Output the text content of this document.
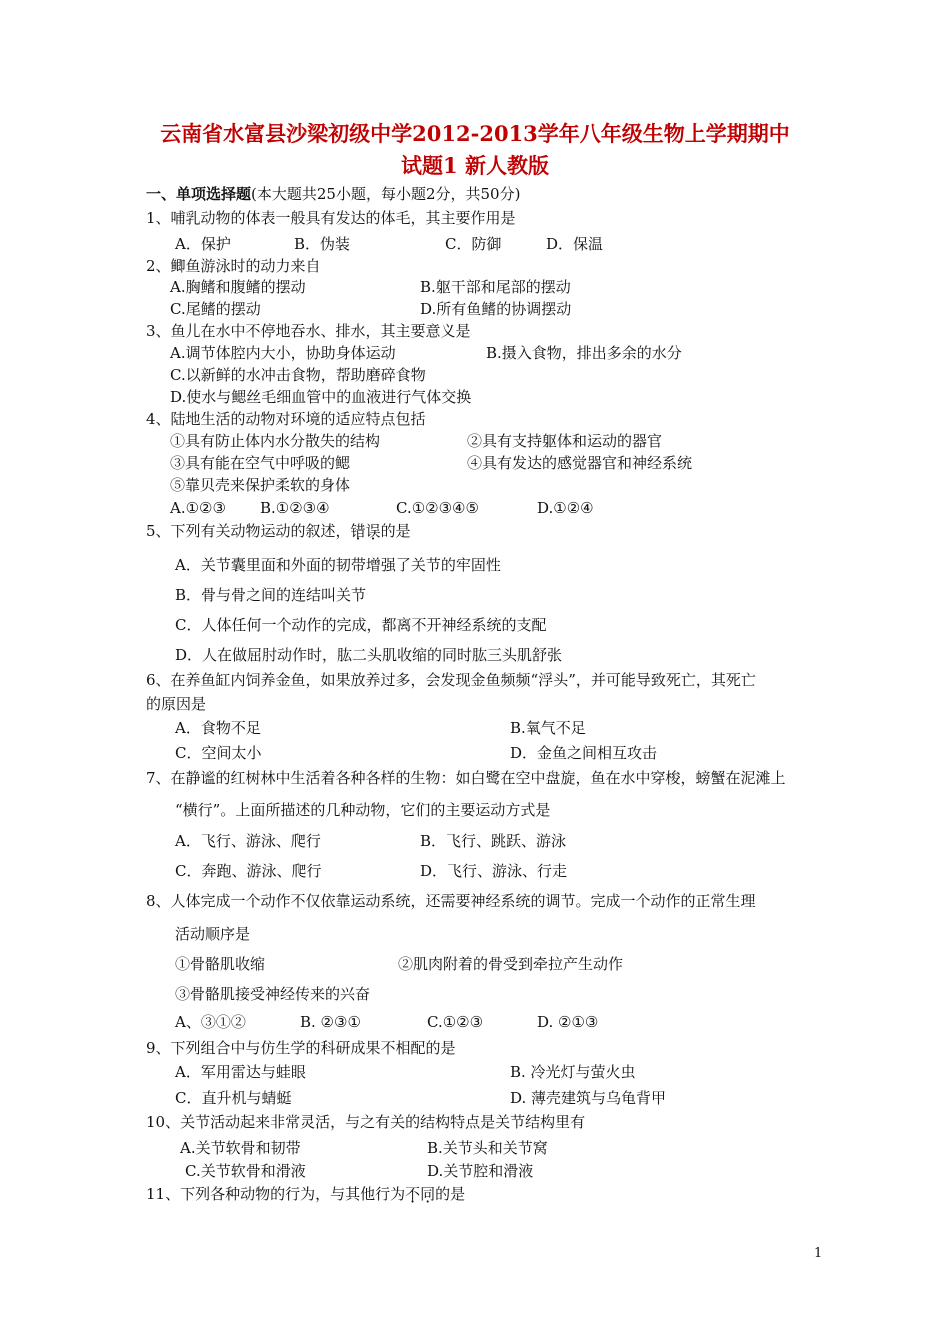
云南省水富县沙梁初级中学2012-2013学年八年级生物上学期期中
试题1 新人教版
一、单项选择题(本大题共25小题，每小题2分，共50分)
1、哺乳动物的体表一般具有发达的体毛，其主要作用是
A．保护	B．伪装	C．防御	D．保温
2、鲫鱼游泳时的动力来自
A.胸鳍和腹鳍的摆动	B.躯干部和尾部的摆动
C.尾鳍的摆动	D.所有鱼鳍的协调摆动
3、鱼儿在水中不停地吞水、排水，其主要意义是
A.调节体腔内大小，协助身体运动	B.摄入食物，排出多余的水分
C.以新鲜的水冲击食物，帮助磨碎食物
D.使水与鳃丝毛细血管中的血液进行气体交换
4、陆地生活的动物对环境的适应特点包括
①具有防止体内水分散失的结构	②具有支持躯体和运动的器官
③具有能在空气中呼吸的鳃	④具有发达的感觉器官和神经系统
⑤靠贝壳来保护柔软的身体
A.①②③ B.①②③④	C.①②③④⑤	D.①②④
5、下列有关动物运动的叙述，错误的是
A．关节囊里面和外面的韧带增强了关节的牢固性
B．骨与骨之间的连结叫关节
C．人体任何一个动作的完成，都离不开神经系统的支配
D．人在做屈肘动作时，肱二头肌收缩的同时肱三头肌舒张
6、在养鱼缸内饲养金鱼，如果放养过多，会发现金鱼频频“浮头”，并可能导致死亡，其死亡
的原因是
A．食物不足	B.氧气不足
C．空间太小	D．金鱼之间相互攻击
7、在静谧的红树林中生活着各种各样的生物：如白鹭在空中盘旋，鱼在水中穿梭，螃蟹在泥滩上
“横行”。上面所描述的几种动物，它们的主要运动方式是
A．飞行、游泳、爬行	B．飞行、跳跃、游泳
C．奔跑、游泳、爬行	D．飞行、游泳、行走
8、人体完成一个动作不仅依靠运动系统，还需要神经系统的调节。完成一个动作的正常生理
活动顺序是
①骨骼肌收缩	②肌肉附着的骨受到牵拉产生动作
③骨骼肌接受神经传来的兴奋
A、③①②	B. ②③①	C.①②③	D. ②①③
9、下列组合中与仿生学的科研成果不相配的是
A．军用雷达与蛙眼	B. 冷光灯与萤火虫
C．直升机与蜻蜓	D. 薄壳建筑与乌龟背甲
10、关节活动起来非常灵活，与之有关的结构特点是关节结构里有
A.关节软骨和韧带	B.关节头和关节窝
C.关节软骨和滑液	D.关节腔和滑液
11、下列各种动物的行为，与其他行为不同的是
1
